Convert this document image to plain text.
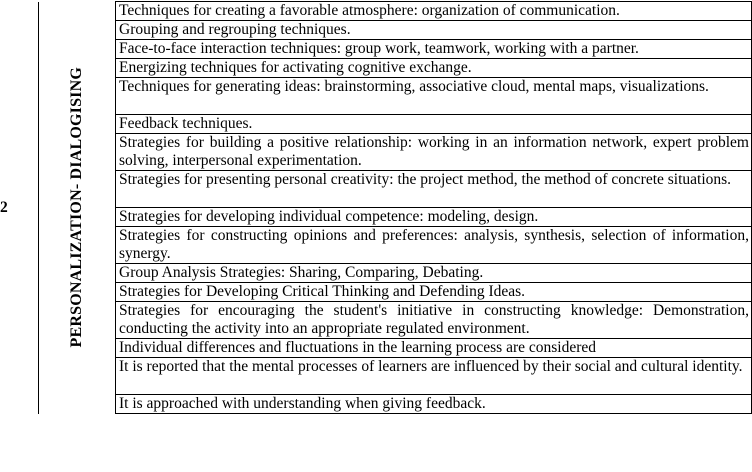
2	PERSONALIZATION- DIALOGISING
	Techniques for creating a favorable atmosphere: organization of communication.
Grouping and regrouping techniques.
Face-to-face interaction techniques: group work, teamwork, working with a partner.
Energizing techniques for activating cognitive exchange.
Techniques for generating ideas: brainstorming, associative cloud, mental maps, visualizations.
Feedback techniques.
Strategies for building a positive relationship: working in an information network, expert problem solving, interpersonal experimentation.
Strategies for presenting personal creativity: the project method, the method of concrete situations.
Strategies for developing individual competence: modeling, design.
Strategies for constructing opinions and preferences: analysis, synthesis, selection of information, synergy.
Group Analysis Strategies: Sharing, Comparing, Debating.
Strategies for Developing Critical Thinking and Defending Ideas.
Strategies for encouraging the student's initiative in constructing knowledge: Demonstration, conducting the activity into an appropriate regulated environment.
Individual differences and fluctuations in the learning process are considered
It is reported that the mental processes of learners are influenced by their social and cultural identity.
It is approached with understanding when giving feedback.
